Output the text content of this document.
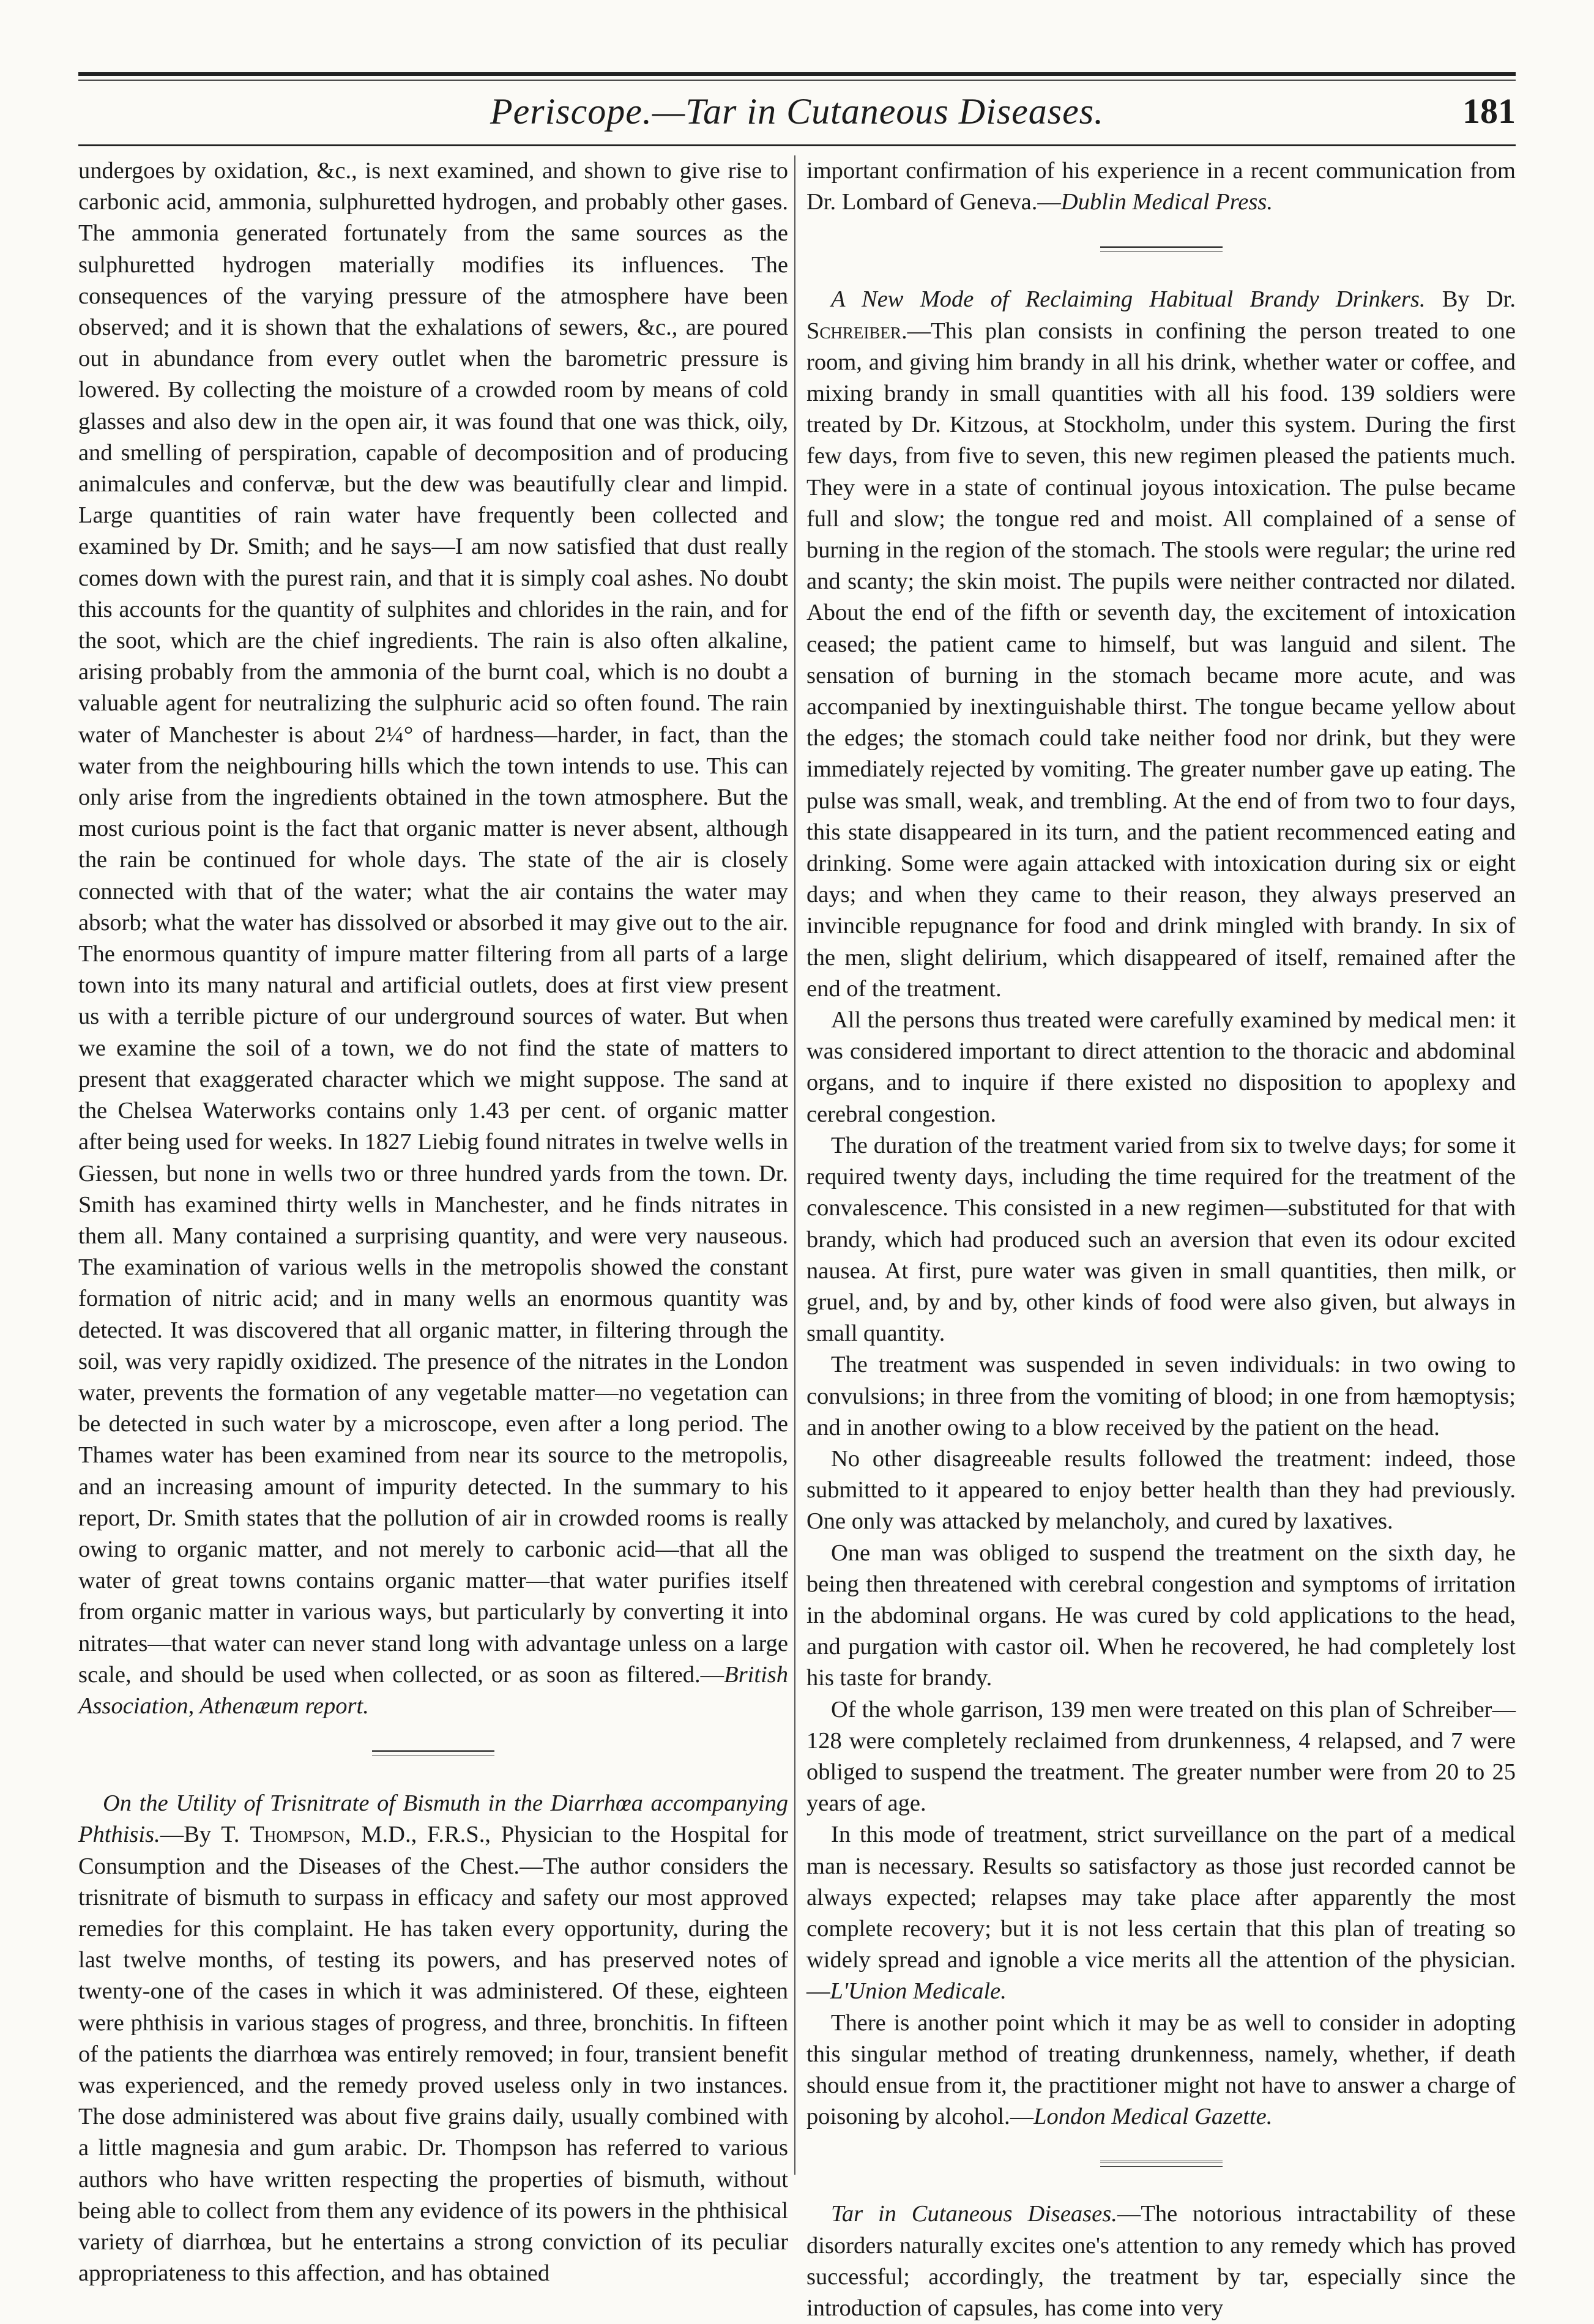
Periscope.—Tar in Cutaneous Diseases.	181

undergoes by oxidation, &c., is next examined, and shown to give rise to carbonic acid, ammonia, sulphuretted hydrogen, and probably other gases. The ammonia generated fortunately from the same sources as the sulphuretted hydrogen materially modifies its influences. The consequences of the varying pressure of the atmosphere have been observed; and it is shown that the exhalations of sewers, &c., are poured out in abundance from every outlet when the barometric pressure is lowered. By collecting the moisture of a crowded room by means of cold glasses and also dew in the open air, it was found that one was thick, oily, and smelling of perspiration, capable of decomposition and of producing animalcules and confervæ, but the dew was beautifully clear and limpid. Large quantities of rain water have frequently been collected and examined by Dr. Smith; and he says—I am now satisfied that dust really comes down with the purest rain, and that it is simply coal ashes. No doubt this accounts for the quantity of sulphites and chlorides in the rain, and for the soot, which are the chief ingredients. The rain is also often alkaline, arising probably from the ammonia of the burnt coal, which is no doubt a valuable agent for neutralizing the sulphuric acid so often found. The rain water of Manchester is about 2¼° of hardness—harder, in fact, than the water from the neighbouring hills which the town intends to use. This can only arise from the ingredients obtained in the town atmosphere. But the most curious point is the fact that organic matter is never absent, although the rain be continued for whole days. The state of the air is closely connected with that of the water; what the air contains the water may absorb; what the water has dissolved or absorbed it may give out to the air. The enormous quantity of impure matter filtering from all parts of a large town into its many natural and artificial outlets, does at first view present us with a terrible picture of our underground sources of water. But when we examine the soil of a town, we do not find the state of matters to present that exaggerated character which we might suppose. The sand at the Chelsea Waterworks contains only 1.43 per cent. of organic matter after being used for weeks. In 1827 Liebig found nitrates in twelve wells in Giessen, but none in wells two or three hundred yards from the town. Dr. Smith has examined thirty wells in Manchester, and he finds nitrates in them all. Many contained a surprising quantity, and were very nauseous. The examination of various wells in the metropolis showed the constant formation of nitric acid; and in many wells an enormous quantity was detected. It was discovered that all organic matter, in filtering through the soil, was very rapidly oxidized. The presence of the nitrates in the London water, prevents the formation of any vegetable matter—no vegetation can be detected in such water by a microscope, even after a long period. The Thames water has been examined from near its source to the metropolis, and an increasing amount of impurity detected. In the summary to his report, Dr. Smith states that the pollution of air in crowded rooms is really owing to organic matter, and not merely to carbonic acid—that all the water of great towns contains organic matter—that water purifies itself from organic matter in various ways, but particularly by converting it into nitrates—that water can never stand long with advantage unless on a large scale, and should be used when collected, or as soon as filtered.—British Association, Athenæum report.

On the Utility of Trisnitrate of Bismuth in the Diarrhœa accompanying Phthisis.—By T. Thompson, M.D., F.R.S., Physician to the Hospital for Consumption and the Diseases of the Chest.—The author considers the trisnitrate of bismuth to surpass in efficacy and safety our most approved remedies for this complaint. He has taken every opportunity, during the last twelve months, of testing its powers, and has preserved notes of twenty-one of the cases in which it was administered. Of these, eighteen were phthisis in various stages of progress, and three, bronchitis. In fifteen of the patients the diarrhœa was entirely removed; in four, transient benefit was experienced, and the remedy proved useless only in two instances. The dose administered was about five grains daily, usually combined with a little magnesia and gum arabic. Dr. Thompson has referred to various authors who have written respecting the properties of bismuth, without being able to collect from them any evidence of its powers in the phthisical variety of diarrhœa, but he entertains a strong conviction of its peculiar appropriateness to this affection, and has obtained

important confirmation of his experience in a recent communication from Dr. Lombard of Geneva.—Dublin Medical Press.

A New Mode of Reclaiming Habitual Brandy Drinkers. By Dr. Schreiber.—This plan consists in confining the person treated to one room, and giving him brandy in all his drink, whether water or coffee, and mixing brandy in small quantities with all his food. 139 soldiers were treated by Dr. Kitzous, at Stockholm, under this system. During the first few days, from five to seven, this new regimen pleased the patients much. They were in a state of continual joyous intoxication. The pulse became full and slow; the tongue red and moist. All complained of a sense of burning in the region of the stomach. The stools were regular; the urine red and scanty; the skin moist. The pupils were neither contracted nor dilated. About the end of the fifth or seventh day, the excitement of intoxication ceased; the patient came to himself, but was languid and silent. The sensation of burning in the stomach became more acute, and was accompanied by inextinguishable thirst. The tongue became yellow about the edges; the stomach could take neither food nor drink, but they were immediately rejected by vomiting. The greater number gave up eating. The pulse was small, weak, and trembling. At the end of from two to four days, this state disappeared in its turn, and the patient recommenced eating and drinking. Some were again attacked with intoxication during six or eight days; and when they came to their reason, they always preserved an invincible repugnance for food and drink mingled with brandy. In six of the men, slight delirium, which disappeared of itself, remained after the end of the treatment.

All the persons thus treated were carefully examined by medical men: it was considered important to direct attention to the thoracic and abdominal organs, and to inquire if there existed no disposition to apoplexy and cerebral congestion.

The duration of the treatment varied from six to twelve days; for some it required twenty days, including the time required for the treatment of the convalescence. This consisted in a new regimen—substituted for that with brandy, which had produced such an aversion that even its odour excited nausea. At first, pure water was given in small quantities, then milk, or gruel, and, by and by, other kinds of food were also given, but always in small quantity.

The treatment was suspended in seven individuals: in two owing to convulsions; in three from the vomiting of blood; in one from hæmoptysis; and in another owing to a blow received by the patient on the head.

No other disagreeable results followed the treatment: indeed, those submitted to it appeared to enjoy better health than they had previously. One only was attacked by melancholy, and cured by laxatives.

One man was obliged to suspend the treatment on the sixth day, he being then threatened with cerebral congestion and symptoms of irritation in the abdominal organs. He was cured by cold applications to the head, and purgation with castor oil. When he recovered, he had completely lost his taste for brandy.

Of the whole garrison, 139 men were treated on this plan of Schreiber—128 were completely reclaimed from drunkenness, 4 relapsed, and 7 were obliged to suspend the treatment. The greater number were from 20 to 25 years of age.

In this mode of treatment, strict surveillance on the part of a medical man is necessary. Results so satisfactory as those just recorded cannot be always expected; relapses may take place after apparently the most complete recovery; but it is not less certain that this plan of treating so widely spread and ignoble a vice merits all the attention of the physician.—L'Union Medicale.

There is another point which it may be as well to consider in adopting this singular method of treating drunkenness, namely, whether, if death should ensue from it, the practitioner might not have to answer a charge of poisoning by alcohol.—London Medical Gazette.

Tar in Cutaneous Diseases.—The notorious intractability of these disorders naturally excites one's attention to any remedy which has proved successful; accordingly, the treatment by tar, especially since the introduction of capsules, has come into very
